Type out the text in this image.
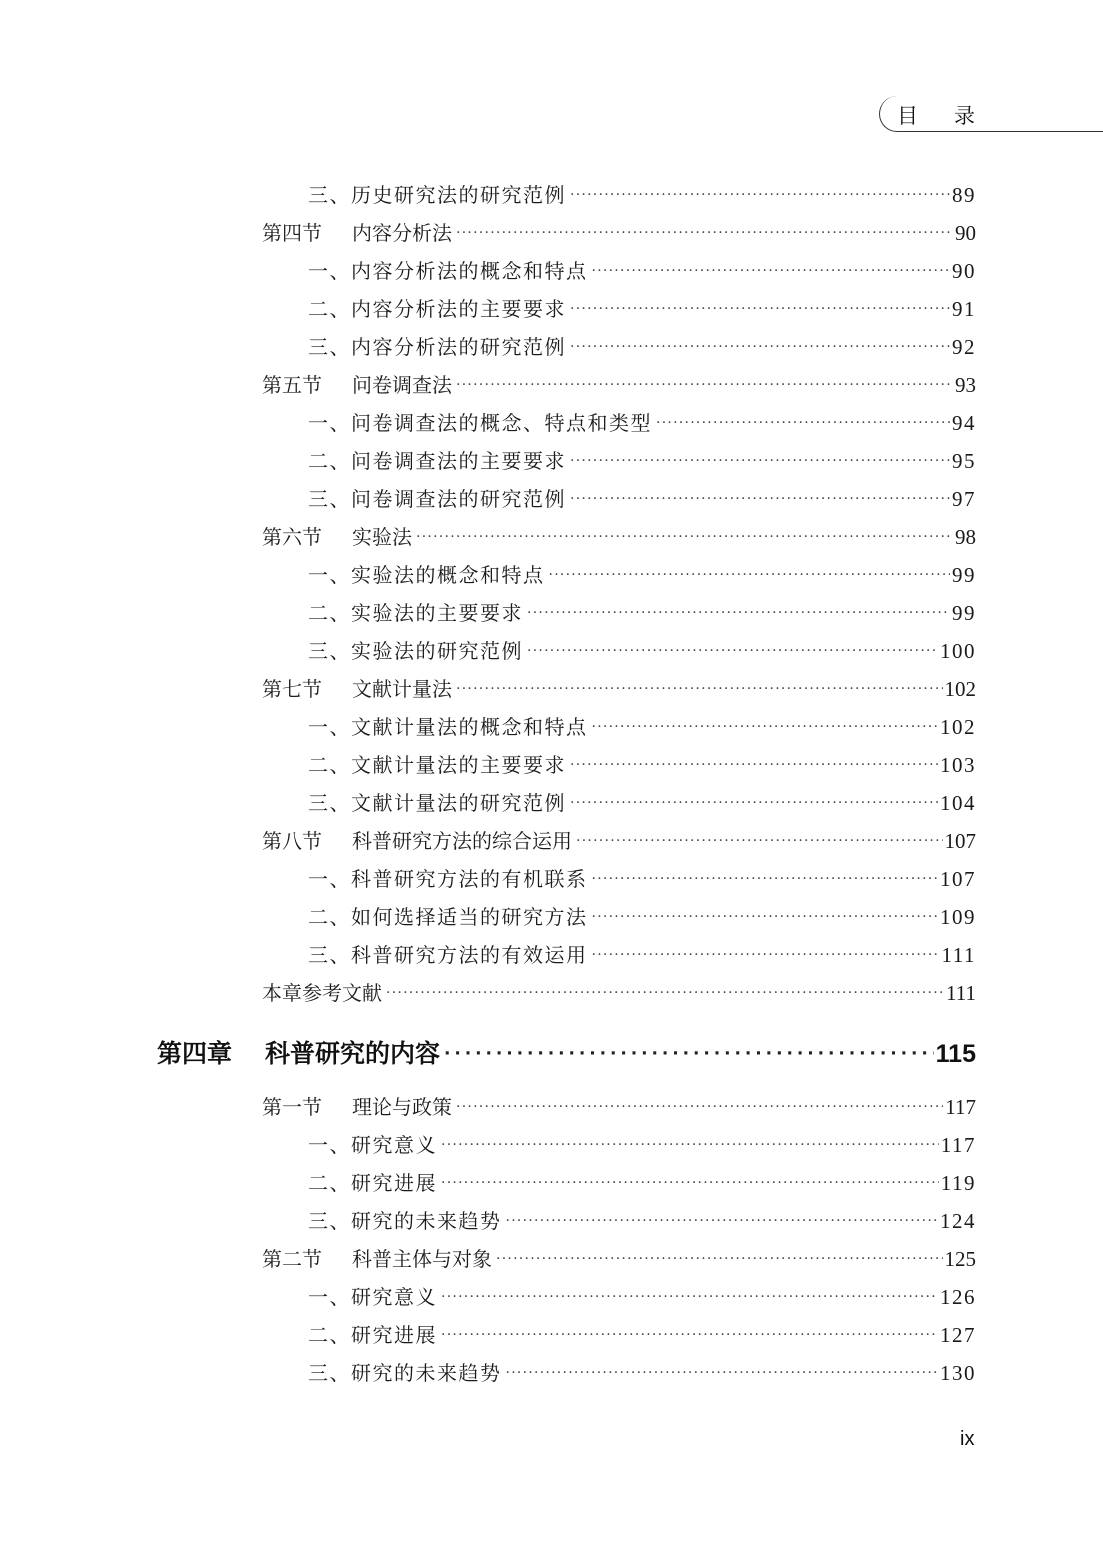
目录
三、历史研究法的研究范例 · · ·	89
第四节	内容分析法 · · ·	90
一、内容分析法的概念和特点 · · ·	90
二、内容分析法的主要要求 · · ·	91
三、内容分析法的研究范例 · · ·	92
第五节	问卷调查法 · · ·	93
一、问卷调查法的概念、特点和类型 · · ·	94
二、问卷调查法的主要要求 · · ·	95
三、问卷调查法的研究范例 · · ·	97
第六节	实验法 · · ·	98
一、实验法的概念和特点 · · ·	99
二、实验法的主要要求 · · ·	99
三、实验法的研究范例 · · ·	100
第七节	文献计量法 · · ·	102
一、文献计量法的概念和特点 · · ·	102
二、文献计量法的主要要求 · · ·	103
三、文献计量法的研究范例 · · ·	104
第八节	科普研究方法的综合运用 · · ·	107
一、科普研究方法的有机联系 · · ·	107
二、如何选择适当的研究方法 · · ·	109
三、科普研究方法的有效运用 · · ·	111
本章参考文献 · · ·	111
第四章	科普研究的内容 · · ·	115
第一节	理论与政策 · · ·	117
一、研究意义 · · ·	117
二、研究进展 · · ·	119
三、研究的未来趋势 · · ·	124
第二节	科普主体与对象 · · ·	125
一、研究意义 · · ·	126
二、研究进展 · · ·	127
三、研究的未来趋势 · · ·	130
ix
